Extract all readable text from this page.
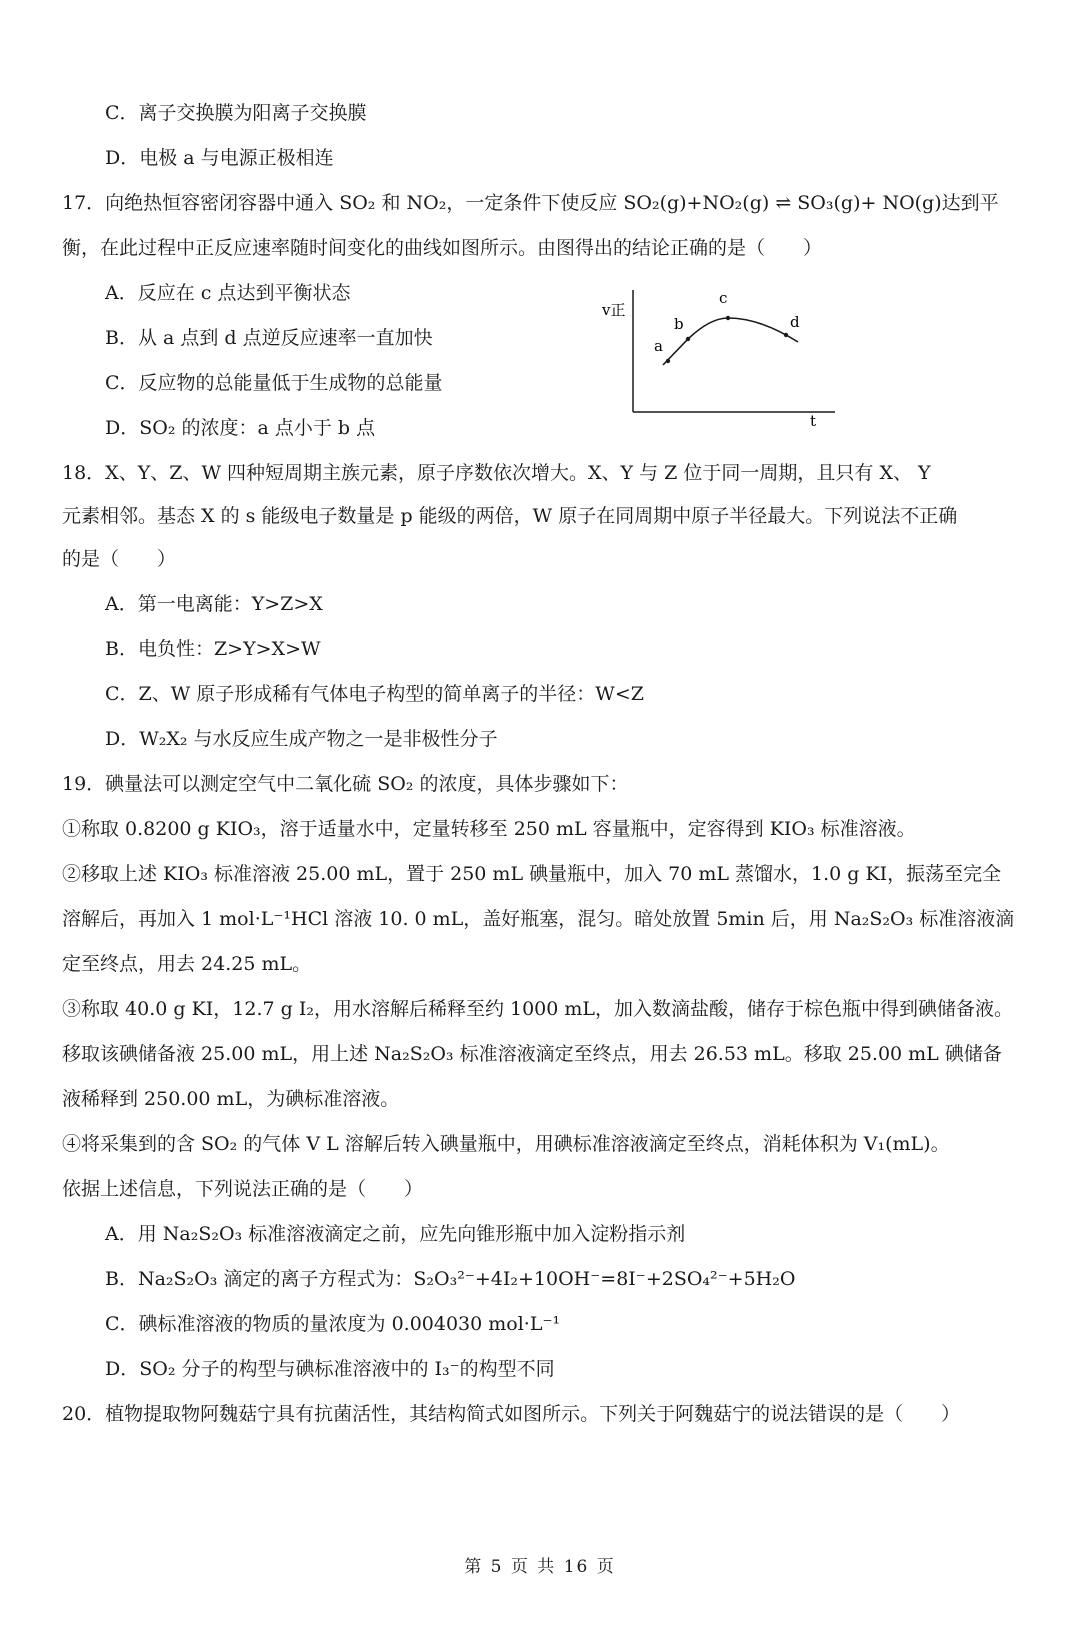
C．离子交换膜为阳离子交换膜
D．电极 a 与电源正极相连
17．向绝热恒容密闭容器中通入 SO₂ 和 NO₂，一定条件下使反应 SO₂(g)+NO₂(g) ⇌ SO₃(g)+ NO(g)达到平
衡，在此过程中正反应速率随时间变化的曲线如图所示。由图得出的结论正确的是（　　）
A．反应在 c 点达到平衡状态
B．从 a 点到 d 点逆反应速率一直加快
C．反应物的总能量低于生成物的总能量
D．SO₂ 的浓度：a 点小于 b 点
v正
t
a
b
c
d
18．X、Y、Z、W 四种短周期主族元素，原子序数依次增大。X、Y 与 Z 位于同一周期，且只有 X、 Y
元素相邻。基态 X 的 s 能级电子数量是 p 能级的两倍，W 原子在同周期中原子半径最大。下列说法不正确
的是（　　）
A．第一电离能：Y>Z>X
B．电负性：Z>Y>X>W
C．Z、W 原子形成稀有气体电子构型的简单离子的半径：W<Z
D．W₂X₂ 与水反应生成产物之一是非极性分子
19．碘量法可以测定空气中二氧化硫 SO₂ 的浓度，具体步骤如下：
①称取 0.8200 g KIO₃，溶于适量水中，定量转移至 250 mL 容量瓶中，定容得到 KIO₃ 标准溶液。
②移取上述 KIO₃ 标准溶液 25.00 mL，置于 250 mL 碘量瓶中，加入 70 mL 蒸馏水，1.0 g KI，振荡至完全
溶解后，再加入 1 mol·L⁻¹HCl 溶液 10. 0 mL，盖好瓶塞，混匀。暗处放置 5min 后，用 Na₂S₂O₃ 标准溶液滴
定至终点，用去 24.25 mL。
③称取 40.0 g KI，12.7 g I₂，用水溶解后稀释至约 1000 mL，加入数滴盐酸，储存于棕色瓶中得到碘储备液。
移取该碘储备液 25.00 mL，用上述 Na₂S₂O₃ 标准溶液滴定至终点，用去 26.53 mL。移取 25.00 mL 碘储备
液稀释到 250.00 mL，为碘标准溶液。
④将采集到的含 SO₂ 的气体 V L 溶解后转入碘量瓶中，用碘标准溶液滴定至终点，消耗体积为 V₁(mL)。
依据上述信息，下列说法正确的是（　　）
A．用 Na₂S₂O₃ 标准溶液滴定之前，应先向锥形瓶中加入淀粉指示剂
B．Na₂S₂O₃ 滴定的离子方程式为：S₂O₃²⁻+4I₂+10OH⁻=8I⁻+2SO₄²⁻+5H₂O
C．碘标准溶液的物质的量浓度为 0.004030 mol·L⁻¹
D．SO₂ 分子的构型与碘标准溶液中的 I₃⁻的构型不同
20．植物提取物阿魏菇宁具有抗菌活性，其结构简式如图所示。下列关于阿魏菇宁的说法错误的是（　　）
第 5 页 共 16 页
